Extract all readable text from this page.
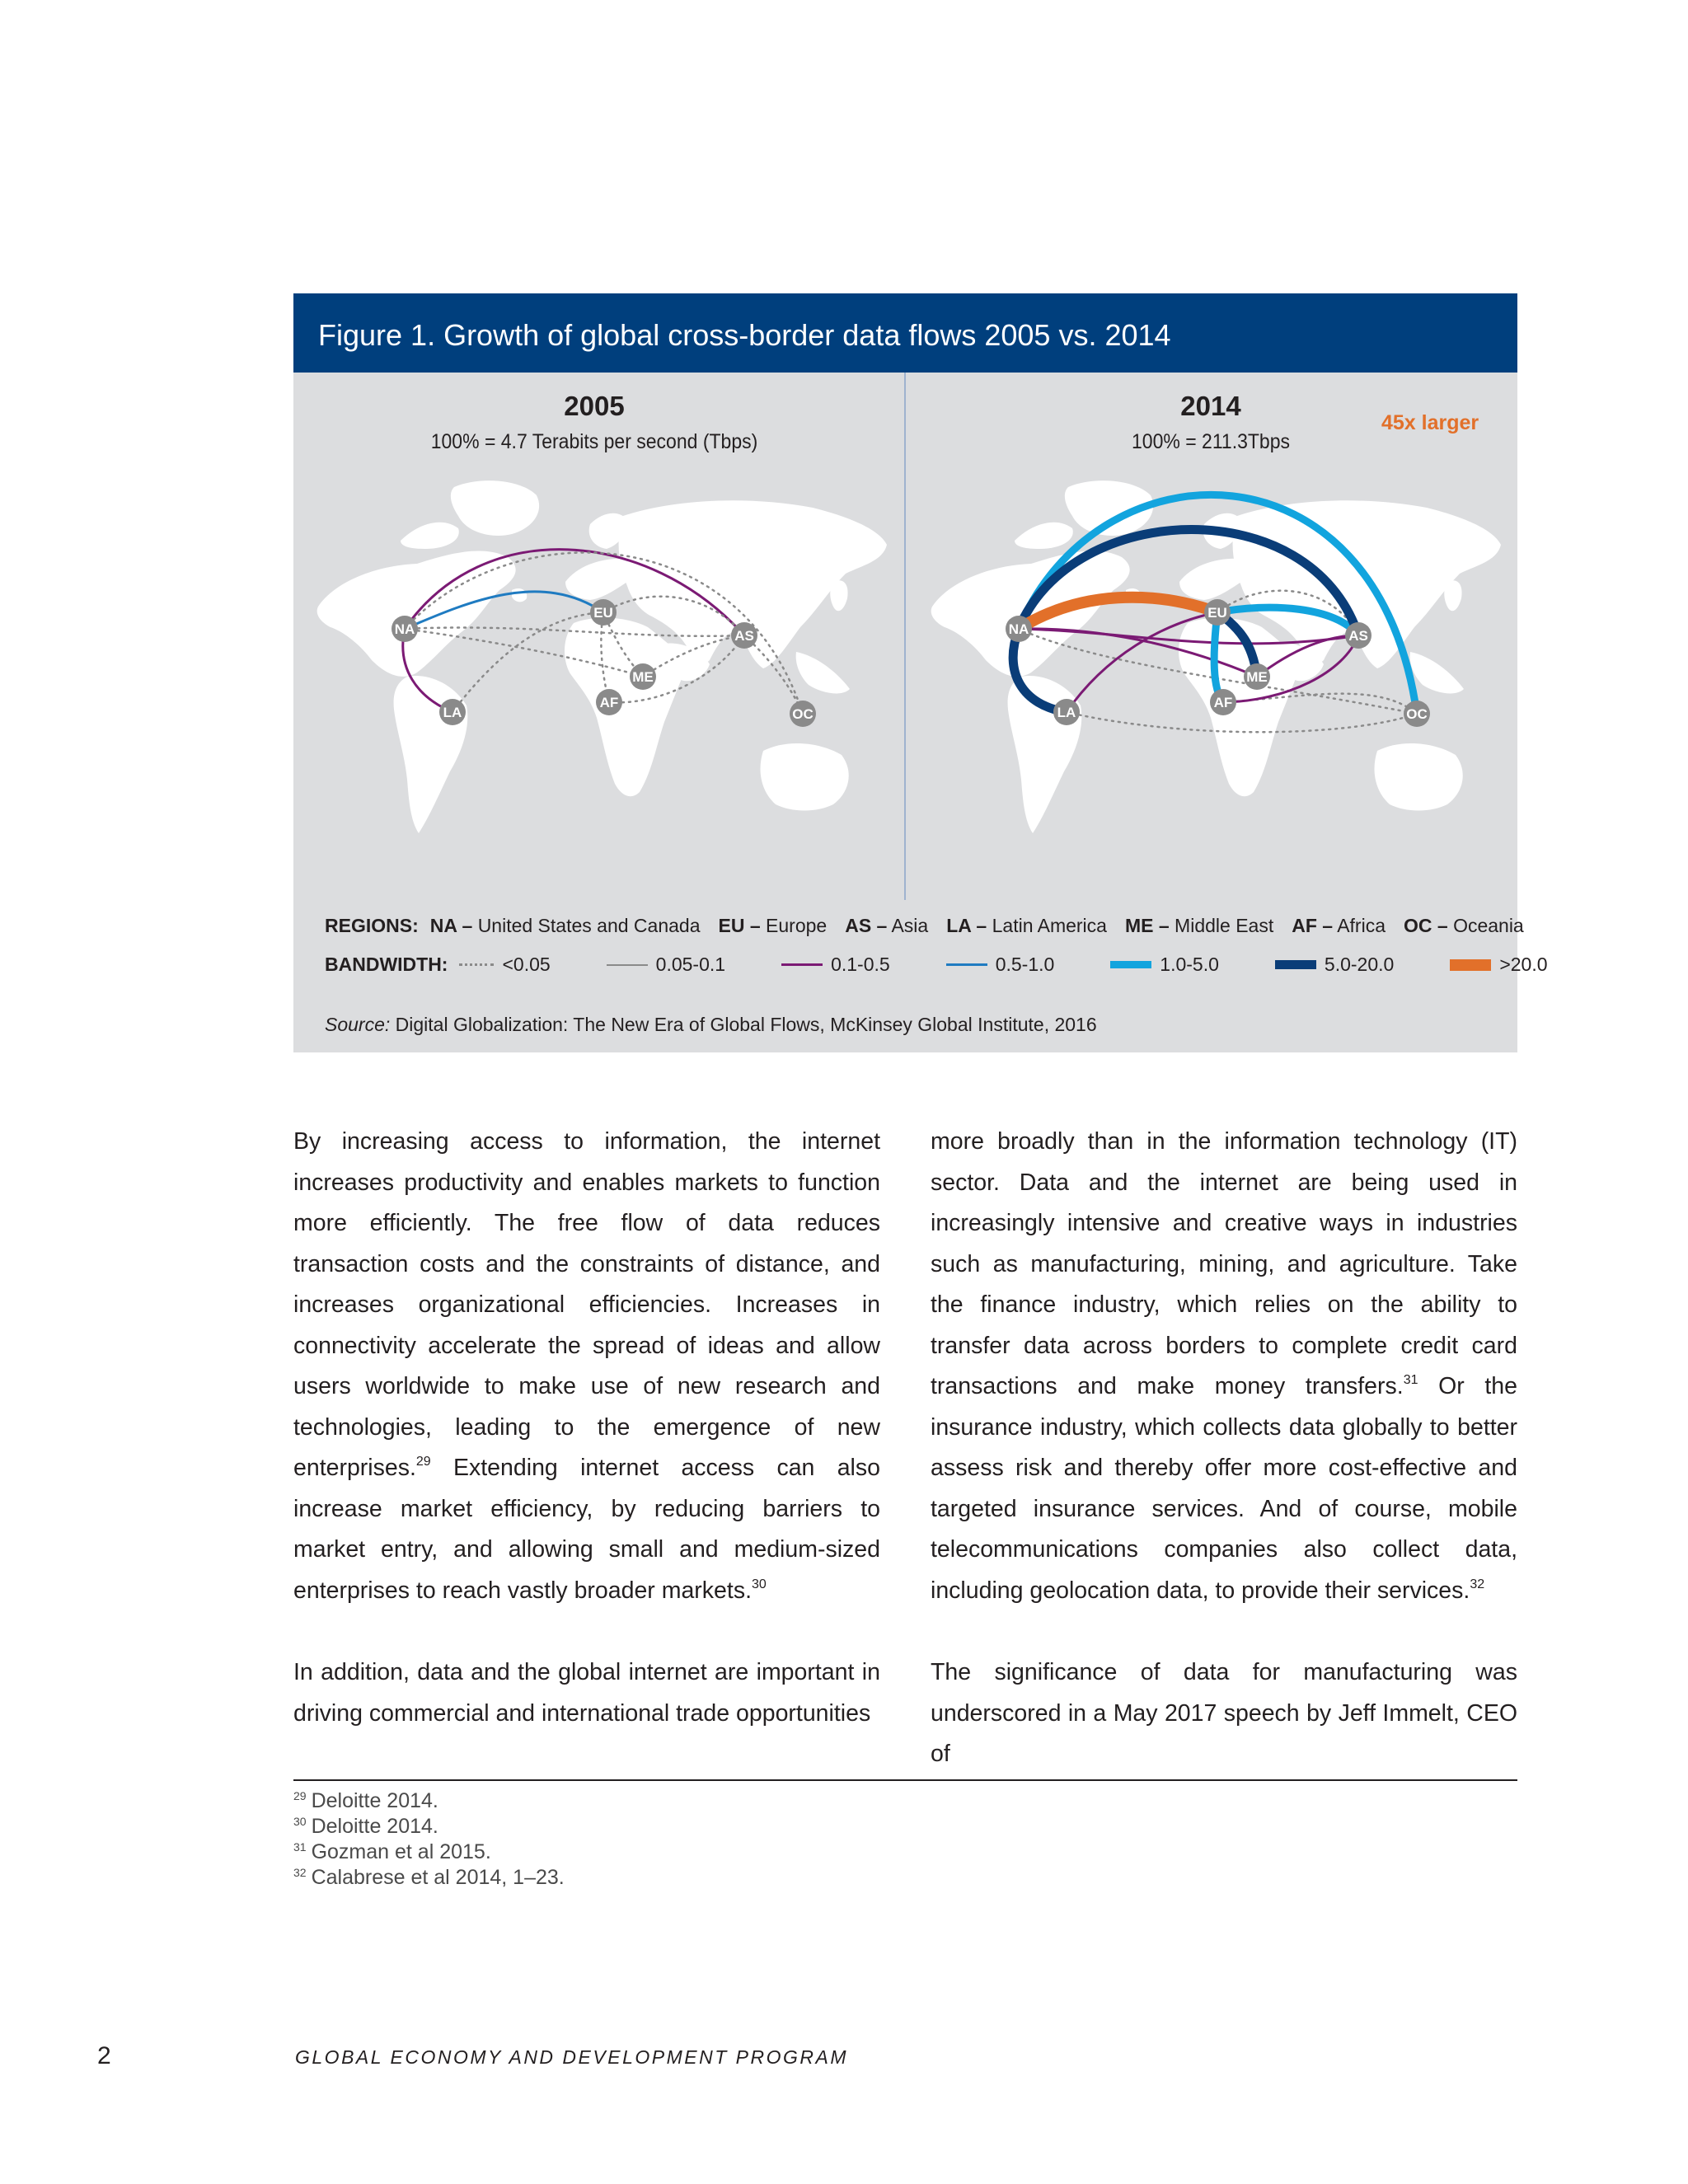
Figure 1. Growth of global cross-border data flows 2005 vs. 2014
2005
100% = 4.7 Terabits per second (Tbps)
2014
100% = 211.3Tbps
45x larger
NA
EU
AS
ME
AF
LA	OC
NA
EU
AS
ME
AF
LA	OC
REGIONS: NA – United States and Canada EU – Europe AS – Asia LA – Latin America ME – Middle East AF – Africa OC – Oceania
BANDWIDTH:	<0.05	0.05-0.1	0.1-0.5	0.5-1.0	1.0-5.0	5.0-20.0	>20.0
Source: Digital Globalization: The New Era of Global Flows, McKinsey Global Institute, 2016

By increasing access to information, the internet increases productivity and enables markets to function more efficiently. The free flow of data reduces transaction costs and the constraints of distance, and increases organizational efficiencies. Increases in connectivity accelerate the spread of ideas and allow users worldwide to make use of new research and technologies, leading to the emergence of new enterprises.$^{29}$ Extending internet access can also increase market efficiency, by reducing barriers to market entry, and allowing small and medium-sized enterprises to reach vastly broader markets.$^{30}$

In addition, data and the global internet are important in driving commercial and international trade opportunities

more broadly than in the information technology (IT) sector. Data and the internet are being used in increasingly intensive and creative ways in industries such as manufacturing, mining, and agriculture. Take the finance industry, which relies on the ability to transfer data across borders to complete credit card transactions and make money transfers.$^{31}$ Or the insurance industry, which collects data globally to better assess risk and thereby offer more cost-effective and targeted insurance services. And of course, mobile telecommunications companies also collect data, including geolocation data, to provide their services.$^{32}$

The significance of data for manufacturing was underscored in a May 2017 speech by Jeff Immelt, CEO of

$^{29}$ Deloitte 2014.
$^{30}$ Deloitte 2014.
$^{31}$ Gozman et al 2015.
$^{32}$ Calabrese et al 2014, 1–23.
2	GLOBAL ECONOMY AND DEVELOPMENT PROGRAM
